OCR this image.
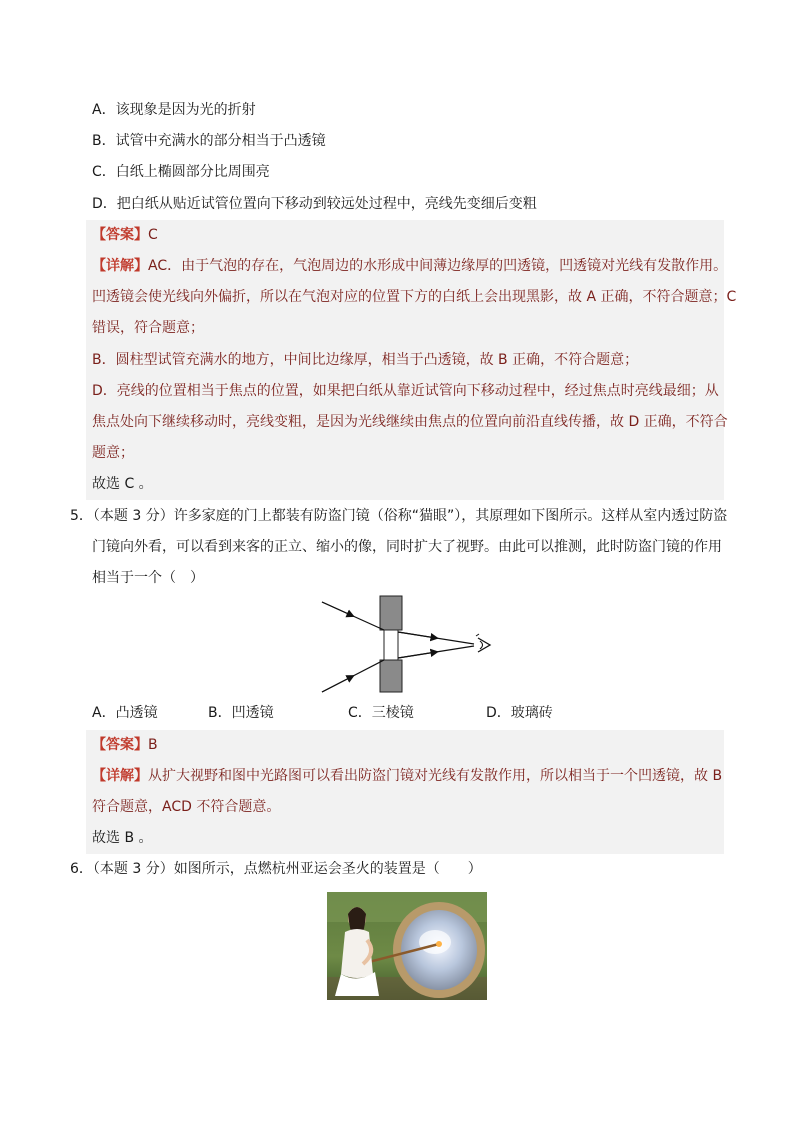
A．该现象是因为光的折射
B．试管中充满水的部分相当于凸透镜
C．白纸上椭圆部分比周围亮
D．把白纸从贴近试管位置向下移动到较远处过程中，亮线先变细后变粗
【答案】C
【详解】AC．由于气泡的存在，气泡周边的水形成中间薄边缘厚的凹透镜，凹透镜对光线有发散作用。
凹透镜会使光线向外偏折，所以在气泡对应的位置下方的白纸上会出现黑影，故 A 正确，不符合题意；C
错误，符合题意；
B．圆柱型试管充满水的地方，中间比边缘厚，相当于凸透镜，故 B 正确，不符合题意；
D．亮线的位置相当于焦点的位置，如果把白纸从靠近试管向下移动过程中，经过焦点时亮线最细；从
焦点处向下继续移动时，亮线变粗，是因为光线继续由焦点的位置向前沿直线传播，故 D 正确，不符合
题意；
故选 C 。
5．（本题 3 分）许多家庭的门上都装有防盗门镜（俗称“猫眼”），其原理如下图所示。这样从室内透过防盗
门镜向外看，可以看到来客的正立、缩小的像，同时扩大了视野。由此可以推测，此时防盗门镜的作用
相当于一个（　）
A．凸透镜	B．凹透镜	C．三棱镜	D．玻璃砖
【答案】B
【详解】从扩大视野和图中光路图可以看出防盗门镜对光线有发散作用，所以相当于一个凹透镜，故 B
符合题意，ACD 不符合题意。
故选 B 。
6．（本题 3 分）如图所示，点燃杭州亚运会圣火的装置是（　　）
